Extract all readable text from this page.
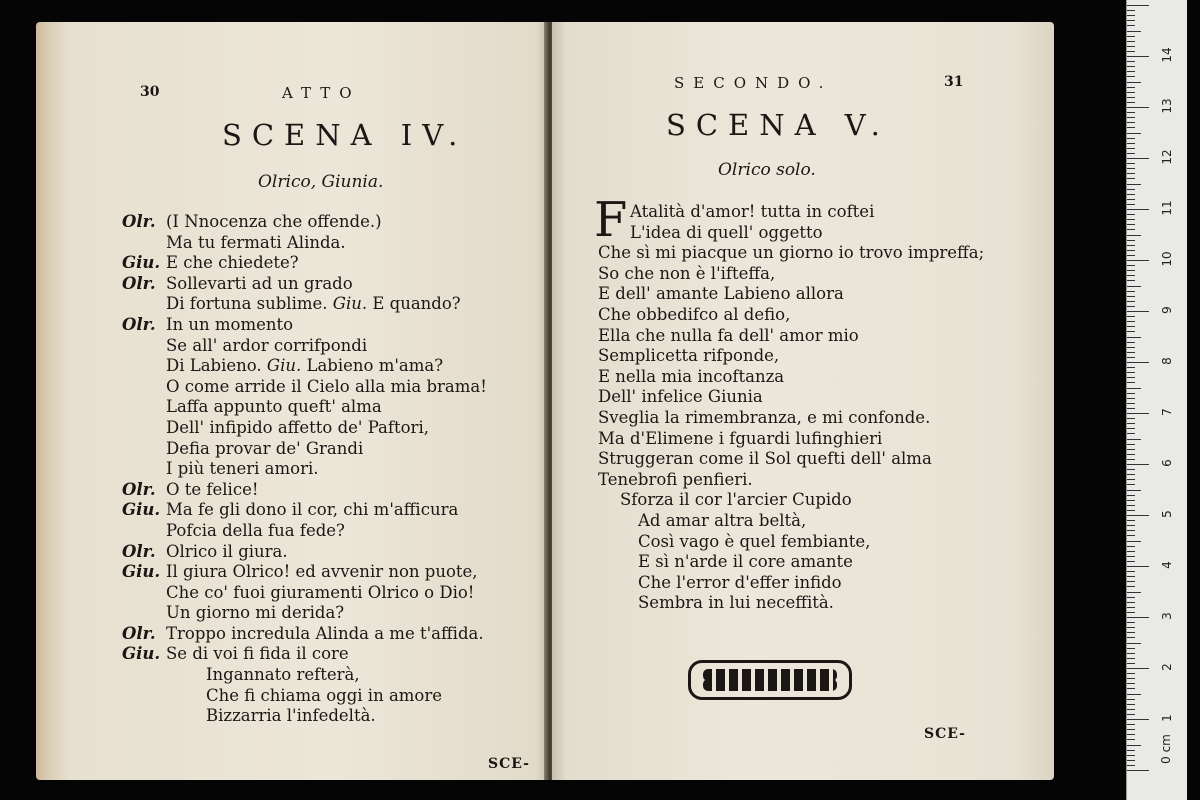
30	ATTO
SCENA IV.
Olrico, Giunia.
Olr. (I Nnocenza che offende.)
Ma tu fermati Alinda.
Giu. E che chiedete?
Olr. Sollevarti ad un grado
Di fortuna sublime. Giu. E quando?
Olr. In un momento
Se all' ardor corrifpondi
Di Labieno. Giu. Labieno m'ama?
O come arride il Cielo alla mia brama!
Laffa appunto queft' alma
Dell' infipido affetto de' Paftori,
Defia provar de' Grandi
I più teneri amori.
Olr. O te felice!
Giu. Ma fe gli dono il cor, chi m'afficura
Pofcia della fua fede?
Olr. Olrico il giura.
Giu. Il giura Olrico! ed avvenir non puote,
Che co' fuoi giuramenti Olrico o Dio!
Un giorno mi derida?
Olr. Troppo incredula Alinda a me t'affida.
Giu. Se di voi fi fida il core
Ingannato refterà,
Che fi chiama oggi in amore
Bizzarria l'infedeltà.
SCE-
SECONDO.	31
SCENA V.
Olrico solo.
F Atalità d'amor! tutta in coftei
L'idea di quell' oggetto
Che sì mi piacque un giorno io trovo impreffa;
So che non è l'ifteffa,
E dell' amante Labieno allora
Che obbedifco al defio,
Ella che nulla fa dell' amor mio
Semplicetta rifponde,
E nella mia incoftanza
Dell' infelice Giunia
Sveglia la rimembranza, e mi confonde.
Ma d'Elimene i fguardi lufinghieri
Struggeran come il Sol quefti dell' alma
Tenebrofi penfieri.
Sforza il cor l'arcier Cupido
Ad amar altra beltà,
Così vago è quel fembiante,
E sì n'arde il core amante
Che l'error d'effer infido
Sembra in lui neceffità.
SCE-
0 cm
1
2
3
4
5
6
7
8
9
10
11
12
13
14
